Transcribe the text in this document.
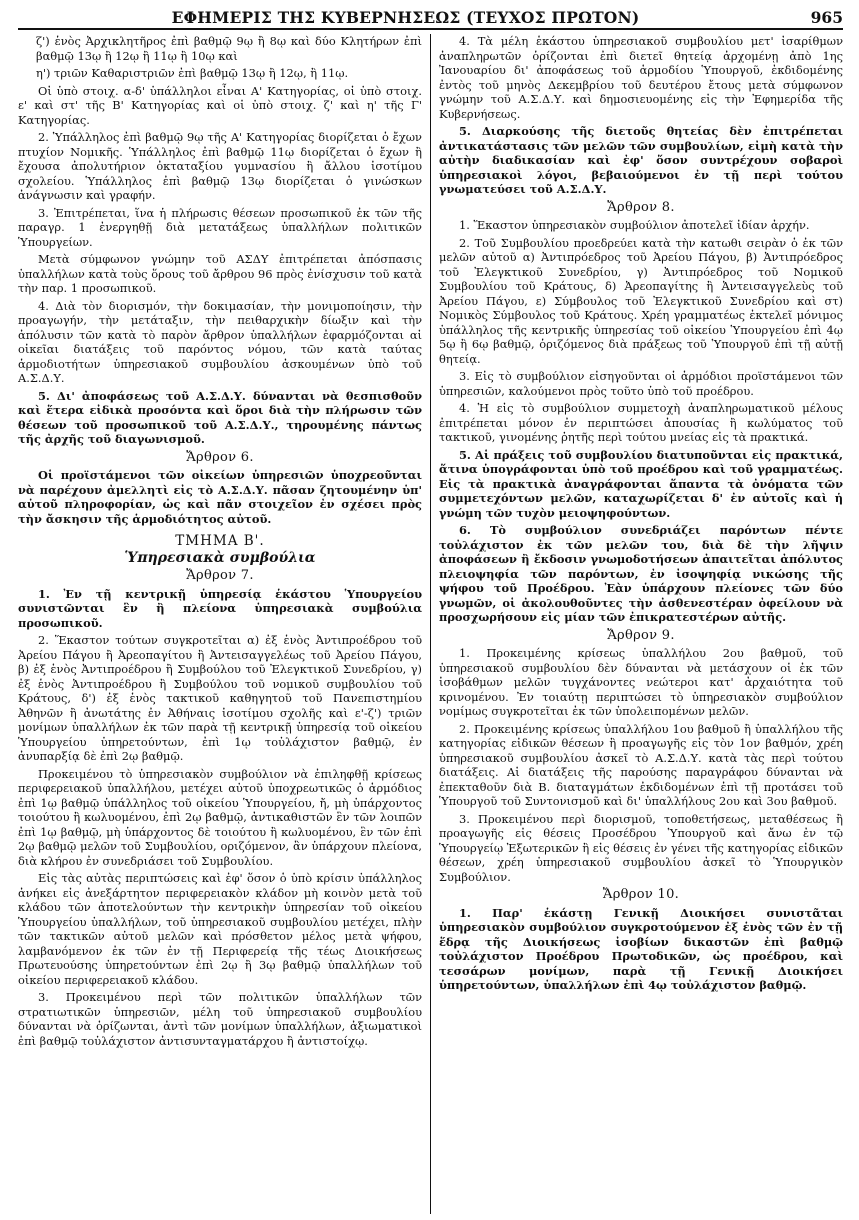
ΕΦΗΜΕΡΙΣ ΤΗΣ ΚΥΒΕΡΝΗΣΕΩΣ (ΤΕΥΧΟΣ ΠΡΩΤΟΝ)	965

ζ') ἑνὸς Ἀρχικλητῆρος ἐπὶ βαθμῷ 9ῳ ἢ 8ῳ καὶ δύο Κλητήρων ἐπὶ βαθμῷ 13ῳ ἢ 12ῳ ἢ 11ῳ ἢ 10ῳ καὶ

η') τριῶν Καθαριστριῶν ἐπὶ βαθμῷ 13ῳ ἢ 12ῳ, ἢ 11ῳ.

Οἱ ὑπὸ στοιχ. α-δ' ὑπάλληλοι εἶναι Α' Κατηγορίας, οἱ ὑπὸ στοιχ. ε' καὶ στ' τῆς Β' Κατηγορίας καὶ οἱ ὑπὸ στοιχ. ζ' καὶ η' τῆς Γ' Κατηγορίας.

2. Ὑπάλληλος ἐπὶ βαθμῷ 9ῳ τῆς Α' Κατηγορίας διορίζεται ὁ ἔχων πτυχίον Νομικῆς. Ὑπάλληλος ἐπὶ βαθμῷ 11ῳ διορίζεται ὁ ἔχων ἢ ἔχουσα ἀπολυτήριον ὀκταταξίου γυμνασίου ἢ ἄλλου ἰσοτίμου σχολείου. Ὑπάλληλος ἐπὶ βαθμῷ 13ῳ διορίζεται ὁ γινώσκων ἀνάγνωσιν καὶ γραφήν.

3. Ἐπιτρέπεται, ἵνα ἡ πλήρωσις θέσεων προσωπικοῦ ἐκ τῶν τῆς παραγρ. 1 ἐνεργηθῇ διὰ μετατάξεως ὑπαλλήλων πολιτικῶν Ὑπουργείων.

Μετὰ σύμφωνον γνώμην τοῦ ΑΣΔΥ ἐπιτρέπεται ἀπόσπασις ὑπαλλήλων κατὰ τοὺς ὅρους τοῦ ἄρθρου 96 πρὸς ἐνίσχυσιν τοῦ κατὰ τὴν παρ. 1 προσωπικοῦ.

4. Διὰ τὸν διορισμόν, τὴν δοκιμασίαν, τὴν μονιμοποίησιν, τὴν προαγωγήν, τὴν μετάταξιν, τὴν πειθαρχικὴν δίωξιν καὶ τὴν ἀπόλυσιν τῶν κατὰ τὸ παρὸν ἄρθρον ὑπαλλήλων ἐφαρμόζονται αἱ οἰκεῖαι διατάξεις τοῦ παρόντος νόμου, τῶν κατὰ ταύτας ἁρμοδιοτήτων ὑπηρεσιακοῦ συμβουλίου ἀσκουμένων ὑπὸ τοῦ Α.Σ.Δ.Υ.

5. Δι' ἀποφάσεως τοῦ Α.Σ.Δ.Υ. δύνανται νὰ θεσπισθοῦν καὶ ἕτερα εἰδικὰ προσόντα καὶ ὅροι διὰ τὴν πλήρωσιν τῶν θέσεων τοῦ προσωπικοῦ τοῦ Α.Σ.Δ.Υ., τηρουμένης πάντως τῆς ἀρχῆς τοῦ διαγωνισμοῦ.

Ἄρθρον 6.

Οἱ προϊστάμενοι τῶν οἰκείων ὑπηρεσιῶν ὑποχρεοῦνται νὰ παρέχουν ἀμελλητὶ εἰς τὸ Α.Σ.Δ.Υ. πᾶσαν ζητουμένην ὑπ' αὐτοῦ πληροφορίαν, ὡς καὶ πᾶν στοιχεῖον ἐν σχέσει πρὸς τὴν ἄσκησιν τῆς ἁρμοδιότητος αὐτοῦ.

ΤΜΗΜΑ Β'.
Ὑπηρεσιακὰ συμβούλια
Ἄρθρον 7.

1. Ἐν τῇ κεντρικῇ ὑπηρεσίᾳ ἑκάστου Ὑπουργείου συνιστῶνται ἓν ἢ πλείονα ὑπηρεσιακὰ συμβούλια προσωπικοῦ.

2. Ἕκαστον τούτων συγκροτεῖται α) ἐξ ἑνὸς Ἀντιπροέδρου τοῦ Ἀρείου Πάγου ἢ Ἀρεοπαγίτου ἢ Ἀντεισαγγελέως τοῦ Ἀρείου Πάγου, β) ἐξ ἑνὸς Ἀντιπροέδρου ἢ Συμβούλου τοῦ Ἐλεγκτικοῦ Συνεδρίου, γ) ἐξ ἑνὸς Ἀντιπροέδρου ἢ Συμβούλου τοῦ νομικοῦ συμβουλίου τοῦ Κράτους, δ') ἐξ ἑνὸς τακτικοῦ καθηγητοῦ τοῦ Πανεπιστημίου Ἀθηνῶν ἢ ἀνωτάτης ἐν Ἀθήναις ἰσοτίμου σχολῆς καὶ ε'-ζ') τριῶν μονίμων ὑπαλλήλων ἐκ τῶν παρὰ τῇ κεντρικῇ ὑπηρεσίᾳ τοῦ οἰκείου Ὑπουργείου ὑπηρετούντων, ἐπὶ 1ῳ τοὐλάχιστον βαθμῷ, ἐν ἀνυπαρξίᾳ δὲ ἐπὶ 2ῳ βαθμῷ.

Προκειμένου τὸ ὑπηρεσιακὸν συμβούλιον νὰ ἐπιληφθῇ κρίσεως περιφερειακοῦ ὑπαλλήλου, μετέχει αὐτοῦ ὑποχρεωτικῶς ὁ ἁρμόδιος ἐπὶ 1ῳ βαθμῷ ὑπάλληλος τοῦ οἰκείου Ὑπουργείου, ἤ, μὴ ὑπάρχοντος τοιούτου ἢ κωλυομένου, ἐπὶ 2ῳ βαθμῷ, ἀντικαθιστῶν ἓν τῶν λοιπῶν ἐπὶ 1ῳ βαθμῷ, μὴ ὑπάρχοντος δὲ τοιούτου ἢ κωλυομένου, ἓν τῶν ἐπὶ 2ῳ βαθμῷ μελῶν τοῦ Συμβουλίου, οριζόμενον, ἂν ὑπάρχουν πλείονα, διὰ κλήρου ἐν συνεδριάσει τοῦ Συμβουλίου.

Εἰς τὰς αὐτὰς περιπτώσεις καὶ ἐφ' ὅσον ὁ ὑπὸ κρίσιν ὑπάλληλος ἀνήκει εἰς ἀνεξάρτητον περιφερειακὸν κλάδον μὴ κοινὸν μετὰ τοῦ κλάδου τῶν ἀποτελούντων τὴν κεντρικὴν ὑπηρεσίαν τοῦ οἰκείου Ὑπουργείου ὑπαλλήλων, τοῦ ὑπηρεσιακοῦ συμβουλίου μετέχει, πλὴν τῶν τακτικῶν αὐτοῦ μελῶν καὶ πρόσθετον μέλος μετὰ ψήφου, λαμβανόμενον ἐκ τῶν ἐν τῇ Περιφερείᾳ τῆς τέως Διοικήσεως Πρωτευούσης ὑπηρετούντων ἐπὶ 2ῳ ἢ 3ῳ βαθμῷ ὑπαλλήλων τοῦ οἰκείου περιφερειακοῦ κλάδου.

3. Προκειμένου περὶ τῶν πολιτικῶν ὑπαλλήλων τῶν στρατιωτικῶν ὑπηρεσιῶν, μέλη τοῦ ὑπηρεσιακοῦ συμβουλίου δύνανται νὰ ὁρίζωνται, ἀντὶ τῶν μονίμων ὑπαλλήλων, ἀξιωματικοὶ ἐπὶ βαθμῷ τοὐλάχιστον ἀντισυνταγματάρχου ἢ ἀντιστοίχῳ.

4. Τὰ μέλη ἑκάστου ὑπηρεσιακοῦ συμβουλίου μετ' ἰσαρίθμων ἀναπληρωτῶν ὁρίζονται ἐπὶ διετεῖ θητείᾳ ἀρχομένῃ ἀπὸ 1ης Ἰανουαρίου δι' ἀποφάσεως τοῦ ἁρμοδίου Ὑπουργοῦ, ἐκδιδομένης ἐντὸς τοῦ μηνὸς Δεκεμβρίου τοῦ δευτέρου ἔτους μετὰ σύμφωνον γνώμην τοῦ Α.Σ.Δ.Υ. καὶ δημοσιευομένης εἰς τὴν Ἐφημερίδα τῆς Κυβερνήσεως.

5. Διαρκούσης τῆς διετοῦς θητείας δὲν ἐπιτρέπεται ἀντικατάστασις τῶν μελῶν τῶν συμβουλίων, εἰμὴ κατὰ τὴν αὐτὴν διαδικασίαν καὶ ἐφ' ὅσον συντρέχουν σοβαροὶ ὑπηρεσιακοὶ λόγοι, βεβαιούμενοι ἐν τῇ περὶ τούτου γνωματεύσει τοῦ Α.Σ.Δ.Υ.

Ἄρθρον 8.

1. Ἕκαστον ὑπηρεσιακὸν συμβούλιον ἀποτελεῖ ἰδίαν ἀρχήν.

2. Τοῦ Συμβουλίου προεδρεύει κατὰ τὴν κατωθι σειρὰν ὁ ἐκ τῶν μελῶν αὐτοῦ α) Ἀντιπρόεδρος τοῦ Ἀρείου Πάγου, β) Ἀντιπρόεδρος τοῦ Ἐλεγκτικοῦ Συνεδρίου, γ) Ἀντιπρόεδρος τοῦ Νομικοῦ Συμβουλίου τοῦ Κράτους, δ) Ἀρεοπαγίτης ἢ Ἀντεισαγγελεὺς τοῦ Ἀρείου Πάγου, ε) Σύμβουλος τοῦ Ἐλεγκτικοῦ Συνεδρίου καὶ στ) Νομικὸς Σύμβουλος τοῦ Κράτους. Χρέη γραμματέως ἐκτελεῖ μόνιμος ὑπάλληλος τῆς κεντρικῆς ὑπηρεσίας τοῦ οἰκείου Ὑπουργείου ἐπὶ 4ῳ 5ῳ ἢ 6ῳ βαθμῷ, ὁριζόμενος διὰ πράξεως τοῦ Ὑπουργοῦ ἐπὶ τῇ αὐτῇ θητείᾳ.

3. Εἰς τὸ συμβούλιον εἰσηγοῦνται οἱ ἁρμόδιοι προϊστάμενοι τῶν ὑπηρεσιῶν, καλούμενοι πρὸς τοῦτο ὑπὸ τοῦ προέδρου.

4. Ἡ εἰς τὸ συμβούλιον συμμετοχὴ ἀναπληρωματικοῦ μέλους ἐπιτρέπεται μόνον ἐν περιπτώσει ἀπουσίας ἢ κωλύματος τοῦ τακτικοῦ, γινομένης ῥητῆς περὶ τούτου μνείας εἰς τὰ πρακτικά.

5. Αἱ πράξεις τοῦ συμβουλίου διατυποῦνται εἰς πρακτικά, ἅτινα ὑπογράφονται ὑπὸ τοῦ προέδρου καὶ τοῦ γραμματέως. Εἰς τὰ πρακτικὰ ἀναγράφονται ἅπαντα τὰ ὀνόματα τῶν συμμετεχόντων μελῶν, καταχωρίζεται δ' ἐν αὐτοῖς καὶ ἡ γνώμη τῶν τυχὸν μειοψηφούντων.

6. Τὸ συμβούλιον συνεδριάζει παρόντων πέντε τοὐλάχιστον ἐκ τῶν μελῶν του, διὰ δὲ τὴν λῆψιν ἀποφάσεων ἢ ἔκδοσιν γνωμοδοτήσεων ἀπαιτεῖται ἀπόλυτος πλειοψηφία τῶν παρόντων, ἐν ἰσοψηφίᾳ νικώσης τῆς ψήφου τοῦ Προέδρου. Ἐὰν ὑπάρχουν πλείονες τῶν δύο γνωμῶν, οἱ ἀκολουθοῦντες τὴν ἀσθενεστέραν ὀφείλουν νὰ προσχωρήσουν εἰς μίαν τῶν ἐπικρατεστέρων αὐτῆς.

Ἄρθρον 9.

1. Προκειμένης κρίσεως ὑπαλλήλου 2ου βαθμοῦ, τοῦ ὑπηρεσιακοῦ συμβουλίου δὲν δύνανται νὰ μετάσχουν οἱ ἐκ τῶν ἰσοβάθμων μελῶν τυγχάνοντες νεώτεροι κατ' ἀρχαιότητα τοῦ κρινομένου. Ἐν τοιαύτῃ περιπτώσει τὸ ὑπηρεσιακὸν συμβούλιον νομίμως συγκροτεῖται ἐκ τῶν ὑπολειπομένων μελῶν.

2. Προκειμένης κρίσεως ὑπαλλήλου 1ου βαθμοῦ ἢ ὑπαλλήλου τῆς κατηγορίας εἰδικῶν θέσεων ἢ προαγωγῆς εἰς τὸν 1ον βαθμόν, χρέη ὑπηρεσιακοῦ συμβουλίου ἀσκεῖ τὸ Α.Σ.Δ.Υ. κατὰ τὰς περὶ τούτου διατάξεις. Αἱ διατάξεις τῆς παρούσης παραγράφου δύνανται νὰ ἐπεκταθοῦν διὰ Β. διαταγμάτων ἐκδιδομένων ἐπὶ τῇ προτάσει τοῦ Ὑπουργοῦ τοῦ Συντονισμοῦ καὶ δι' ὑπαλλήλους 2ου καὶ 3ου βαθμοῦ.

3. Προκειμένου περὶ διορισμοῦ, τοποθετήσεως, μεταθέσεως ἢ προαγωγῆς εἰς θέσεις Προσέδρου Ὑπουργοῦ καὶ ἄνω ἐν τῷ Ὑπουργείῳ Ἐξωτερικῶν ἢ εἰς θέσεις ἐν γένει τῆς κατηγορίας εἰδικῶν θέσεων, χρέη ὑπηρεσιακοῦ συμβουλίου ἀσκεῖ τὸ Ὑπουργικὸν Συμβούλιον.

Ἄρθρον 10.

1. Παρ' ἑκάστῃ Γενικῇ Διοικήσει συνιστᾶται ὑπηρεσιακὸν συμβούλιον συγκροτούμενον ἐξ ἑνὸς τῶν ἐν τῇ ἕδρᾳ τῆς Διοικήσεως ἰσοβίων δικαστῶν ἐπὶ βαθμῷ τοὐλάχιστον Προέδρου Πρωτοδικῶν, ὡς προέδρου, καὶ τεσσάρων μονίμων, παρὰ τῇ Γενικῇ Διοικήσει ὑπηρετούντων, ὑπαλλήλων ἐπὶ 4ῳ τοὐλάχιστον βαθμῷ.
